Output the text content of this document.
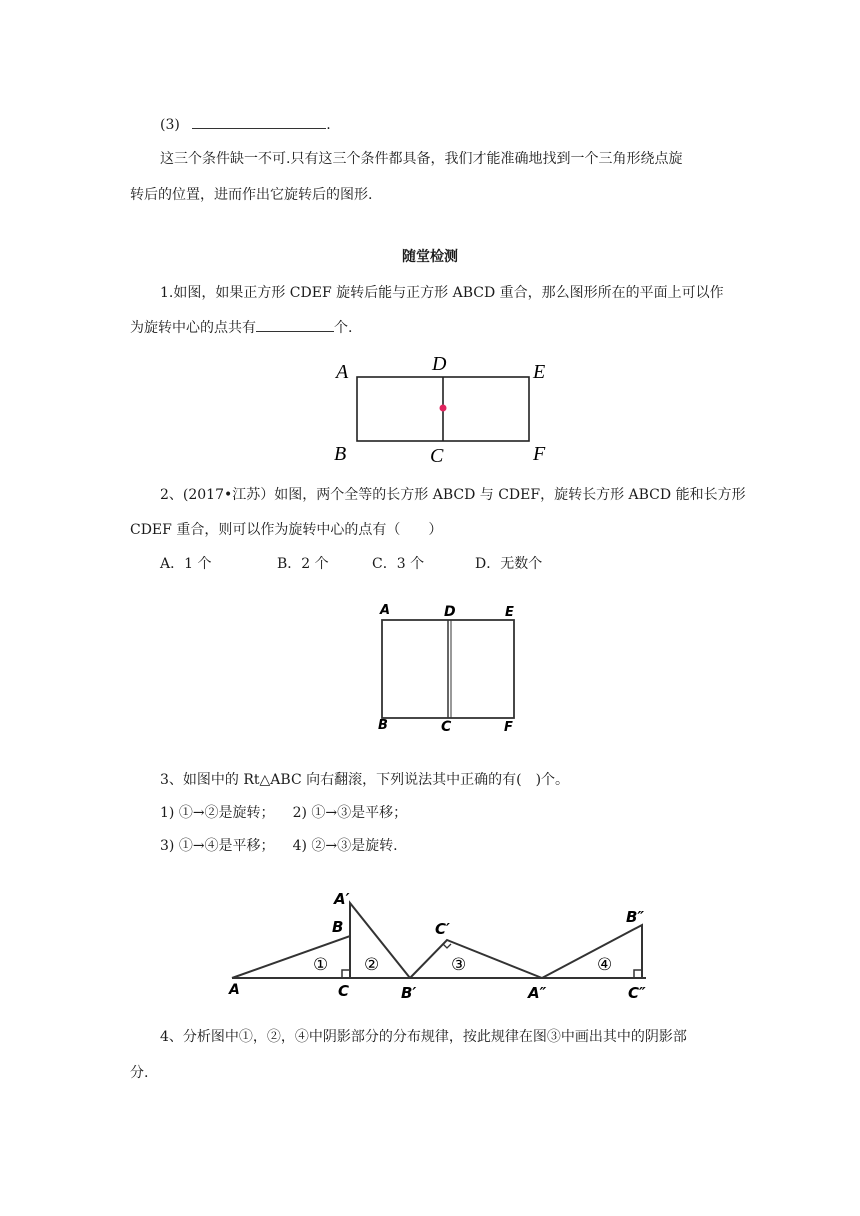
(3)	.
这三个条件缺一不可.只有这三个条件都具备，我们才能准确地找到一个三角形绕点旋
转后的位置，进而作出它旋转后的图形.
随堂检测
1.如图，如果正方形 CDEF 旋转后能与正方形 ABCD 重合，那么图形所在的平面上可以作
为旋转中心的点共有	个.
A	D	E
B	C	F
2、(2017•江苏）如图，两个全等的长方形 ABCD 与 CDEF，旋转长方形 ABCD 能和长方形
CDEF 重合，则可以作为旋转中心的点有（　　）
A．1 个	B．2 个	C．3 个	D．无数个
A	D	E
B	C	F
3、如图中的 Rt△ABC 向右翻滚，下列说法其中正确的有(　)个。
1) ①→②是旋转； 2) ①→③是平移；
3) ①→④是平移； 4) ②→③是旋转.
A
B
C
A′
B′
C′
A″
B″
C″
① ②	③	④
4、分析图中①，②，④中阴影部分的分布规律，按此规律在图③中画出其中的阴影部
分.
